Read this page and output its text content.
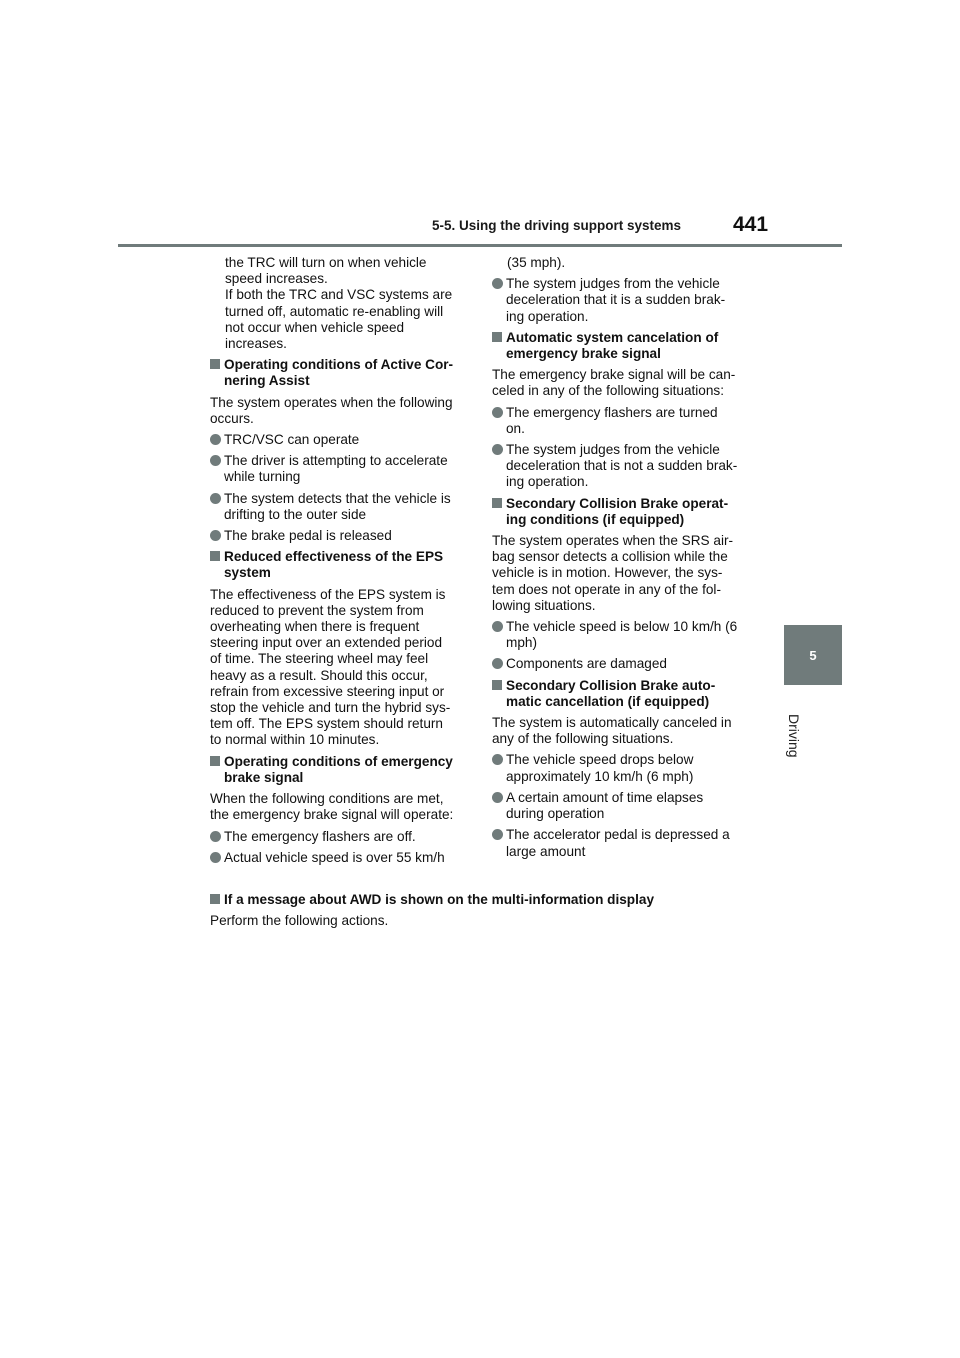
5-5. Using the driving support systems 441
5
Driving

the TRC will turn on when vehicle
speed increases.
If both the TRC and VSC systems are
turned off, automatic re-enabling will
not occur when vehicle speed
increases.

Operating conditions of Active Cor-
nering Assist

The system operates when the following
occurs.

TRC/VSC can operate
The driver is attempting to accelerate
while turning
The system detects that the vehicle is
drifting to the outer side
The brake pedal is released
Reduced effectiveness of the EPS
system

The effectiveness of the EPS system is
reduced to prevent the system from
overheating when there is frequent
steering input over an extended period
of time. The steering wheel may feel
heavy as a result. Should this occur,
refrain from excessive steering input or
stop the vehicle and turn the hybrid sys-
tem off. The EPS system should return
to normal within 10 minutes.

Operating conditions of emergency
brake signal

When the following conditions are met,
the emergency brake signal will operate:

The emergency flashers are off.
Actual vehicle speed is over 55 km/h

(35 mph).

The system judges from the vehicle
deceleration that it is a sudden brak-
ing operation.
Automatic system cancelation of
emergency brake signal

The emergency brake signal will be can-
celed in any of the following situations:

The emergency flashers are turned
on.
The system judges from the vehicle
deceleration that is not a sudden brak-
ing operation.
Secondary Collision Brake operat-
ing conditions (if equipped)

The system operates when the SRS air-
bag sensor detects a collision while the
vehicle is in motion. However, the sys-
tem does not operate in any of the fol-
lowing situations.

The vehicle speed is below 10 km/h (6
mph)
Components are damaged
Secondary Collision Brake auto-
matic cancellation (if equipped)

The system is automatically canceled in
any of the following situations.

The vehicle speed drops below
approximately 10 km/h (6 mph)
A certain amount of time elapses
during operation
The accelerator pedal is depressed a
large amount
If a message about AWD is shown on the multi-information display

Perform the following actions.
